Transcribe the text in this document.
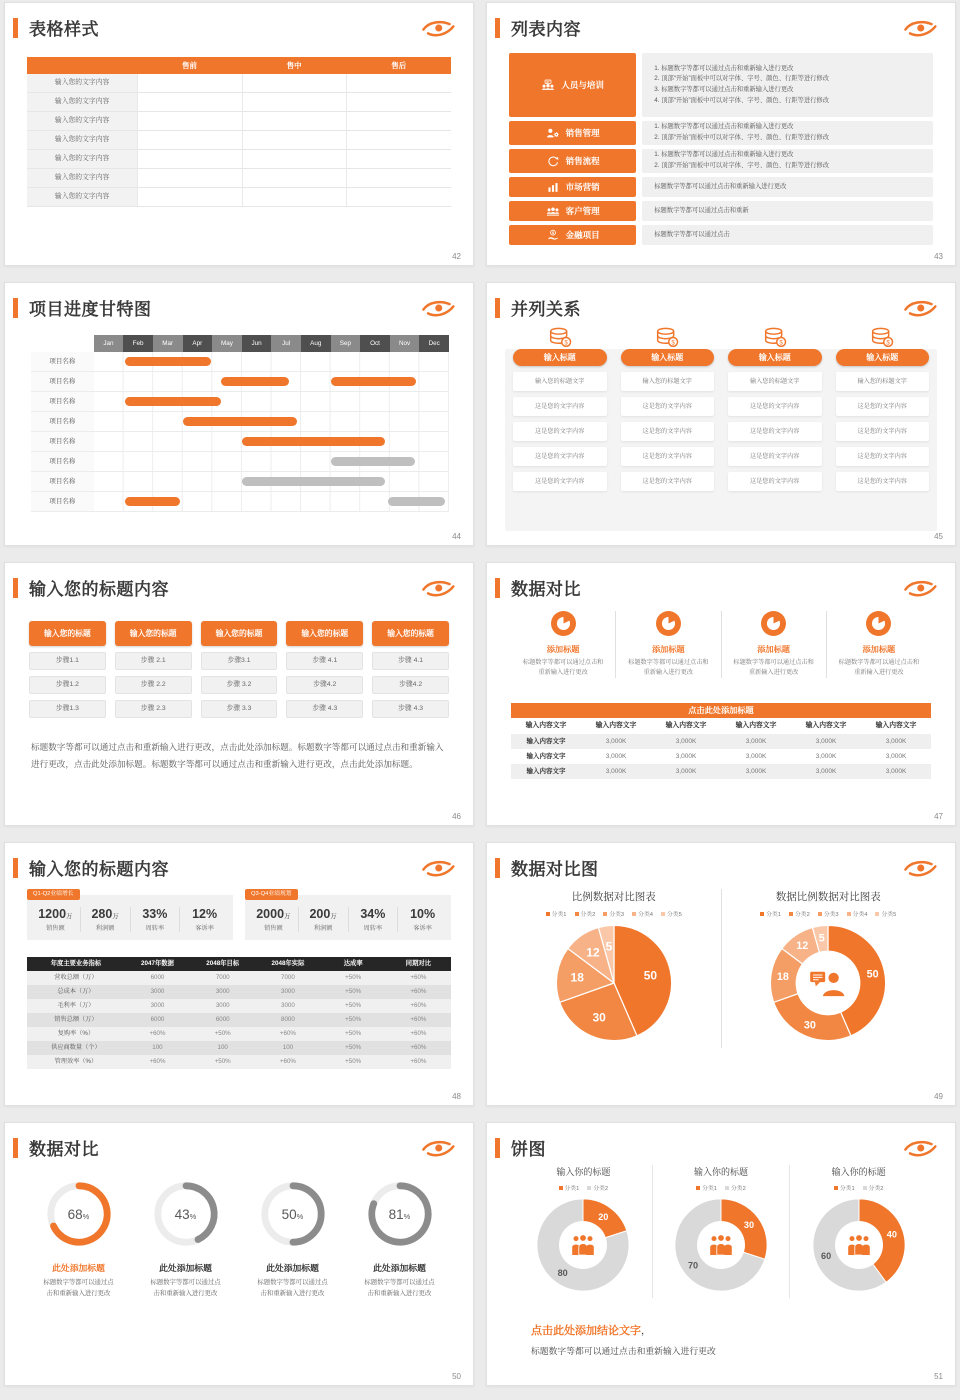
表格样式
售前	售中	售后
输入您的文字内容
输入您的文字内容
输入您的文字内容
输入您的文字内容
输入您的文字内容
输入您的文字内容
输入您的文字内容
42
列表内容
人员与培训
1. 标题数字等都可以通过点击和重新输入进行更改
2. 顶部“开始”面板中可以对字体、字号、颜色、行距等进行修改
3. 标题数字等都可以通过点击和重新输入进行更改
4. 顶部“开始”面板中可以对字体、字号、颜色、行距等进行修改
销售管理
1. 标题数字等都可以通过点击和重新输入进行更改
2. 顶部“开始”面板中可以对字体、字号、颜色、行距等进行修改
销售流程
1. 标题数字等都可以通过点击和重新输入进行更改
2. 顶部“开始”面板中可以对字体、字号、颜色、行距等进行修改
市场营销	标题数字等都可以通过点击和重新输入进行更改
客户管理	标题数字等都可以通过点击和重新
$ 金融项目	标题数字等都可以通过点击
43
项目进度甘特图
Jan	Feb	Mar	Apr	May	Jun	Jul	Aug	Sep	Oct	Nov	Dec
项目名称
项目名称
项目名称
项目名称
项目名称
项目名称
项目名称
项目名称
44
并列关系
$
输入标题
输入您的标题文字
这是您的文字内容
这是您的文字内容
这是您的文字内容
这是您的文字内容
$
输入标题
输入您的标题文字
这是您的文字内容
这是您的文字内容
这是您的文字内容
这是您的文字内容
$
输入标题
输入您的标题文字
这是您的文字内容
这是您的文字内容
这是您的文字内容
这是您的文字内容
$
输入标题
输入您的标题文字
这是您的文字内容
这是您的文字内容
这是您的文字内容
这是您的文字内容
45
输入您的标题内容
输入您的标题
步骤1.1
步骤1.2
步骤1.3
输入您的标题
步骤 2.1
步骤 2.2
步骤 2.3
输入您的标题
步骤3.1
步骤 3.2
步骤 3.3
输入您的标题
步骤 4.1
步骤4.2
步骤 4.3
输入您的标题
步骤 4.1
步骤4.2
步骤 4.3

标题数字等都可以通过点击和重新输入进行更改，点击此处添加标题。标题数字等都可以通过点击和重新输入进行更改，点击此处添加标题。标题数字等都可以通过点击和重新输入进行更改，点击此处添加标题。

46
数据对比
添加标题
标题数字等都可以通过点击和重新输入进行更改
添加标题
标题数字等都可以通过点击和重新输入进行更改
添加标题
标题数字等都可以通过点击和重新输入进行更改
添加标题
标题数字等都可以通过点击和重新输入进行更改
点击此处添加标题
输入内容文字	输入内容文字	输入内容文字	输入内容文字	输入内容文字	输入内容文字
输入内容文字	3,000K	3,000K	3,000K	3,000K	3,000K
输入内容文字	3,000K	3,000K	3,000K	3,000K	3,000K
输入内容文字	3,000K	3,000K	3,000K	3,000K	3,000K
47
输入您的标题内容
Q1-Q2业绩增长
1200万
销售额
280万
利润额
33%
周转率
12%
客诉率
Q3-Q4业绩规划
2000万
销售额
200万
利润额
34%
周转率
10%
客诉率
年度主要业务指标	2047年数据	2048年目标	2048年实际	达成率	同期对比
营收总额（万）	6000	7000	7000	+50%	+60%
总成本（万）	3000	3000	3000	+50%	+60%
毛利率（万）	3000	3000	3000	+50%	+60%
销售总额（万）	6000	6000	8000	+50%	+60%
复购率（%）	+60%	+50%	+60%	+50%	+60%
供应商数量（个）	100	100	100	+50%	+60%
管理效率（%）	+60%	+50%	+60%	+50%	+60%
48
数据对比图
比例数据对比图表
分类1 分类2 分类3 分类4 分类5
50
30
18
12 5
数据比例数据对比图表
分类1 分类2 分类3 分类4 分类5
50
30
18
12
5
49
数据对比
68 %
此处添加标题
标题数字等都可以通过点击和重新输入进行更改
43 %
此处添加标题
标题数字等都可以通过点击和重新输入进行更改
50 %
此处添加标题
标题数字等都可以通过点击和重新输入进行更改
81 %
此处添加标题
标题数字等都可以通过点击和重新输入进行更改
50
饼图
输入你的标题
分类1 分类2
20
80
输入你的标题
分类1 分类2
30
70
输入你的标题
分类1 分类2
40
60
点击此处添加结论文字，
标题数字等都可以通过点击和重新输入进行更改
51
